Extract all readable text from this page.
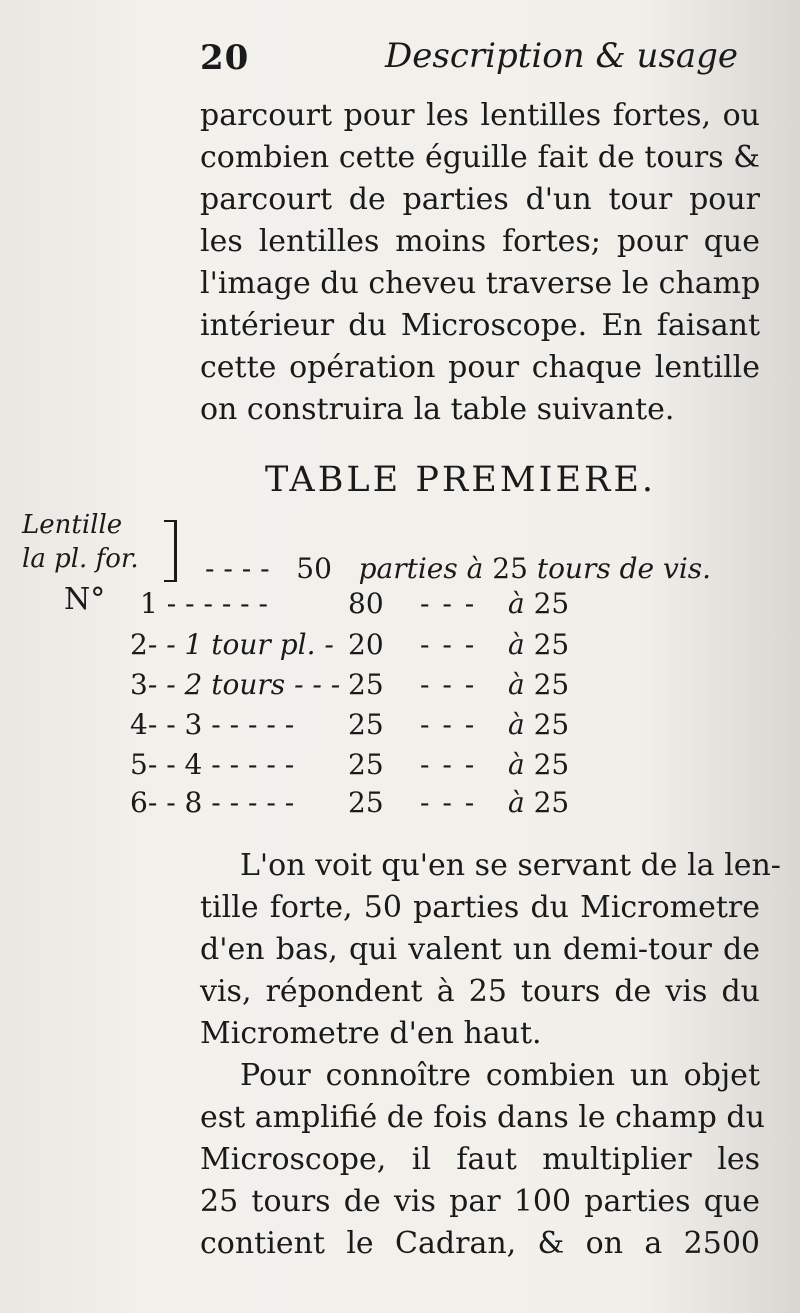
20	Description & usage
parcourt pour les lentilles fortes, ou
combien cette éguille fait de tours &
parcourt de parties d'un tour pour
les lentilles moins fortes; pour que
l'image du cheveu traverse le champ
intérieur du Microscope. En faisant
cette opération pour chaque lentille
on construira la table suivante.
TABLE PREMIERE.
Lentille
la pl. for.	- - - - 50 parties à 25 tours de vis.
N° 1 - - - - - -	80 - - - à 25
2- - 1 tour pl. - 20 - - - à 25
3- - 2 tours - - - 25 - - - à 25
4- - 3 - - - - - 25 - - - à 25
5- - 4 - - - - - 25 - - - à 25
6- - 8 - - - - - 25 - - - à 25
L'on voit qu'en se servant de la len-
tille forte, 50 parties du Micrometre
d'en bas, qui valent un demi-tour de
vis, répondent à 25 tours de vis du
Micrometre d'en haut.
Pour connoître combien un objet
est amplifié de fois dans le champ du
Microscope, il faut multiplier les
25 tours de vis par 100 parties que
contient le Cadran, & on a 2500
